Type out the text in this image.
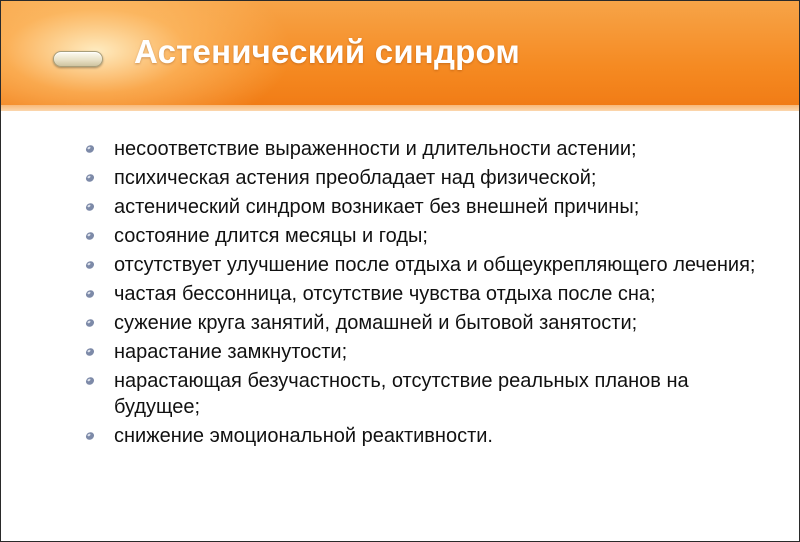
Астенический синдром
несоответствие выраженности и длительности астении;
психическая астения преобладает над физической;
астенический синдром возникает без внешней причины;
состояние длится месяцы и годы;
отсутствует улучшение после отдыха и общеукрепляющего лечения;
частая бессонница, отсутствие чувства отдыха после сна;
сужение круга занятий, домашней и бытовой занятости;
нарастание замкнутости;
нарастающая безучастность, отсутствие реальных планов на будущее;
снижение эмоциональной реактивности.
